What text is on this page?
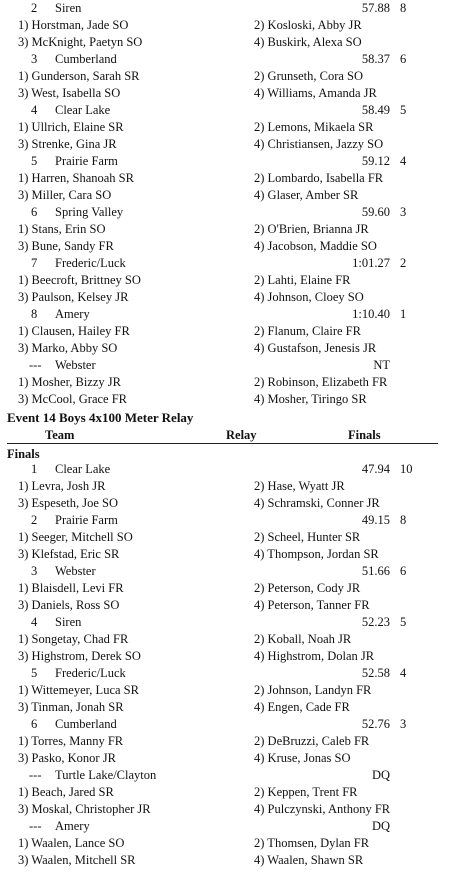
2	Siren	57.88 8
1) Horstman, Jade SO	2) Kosloski, Abby JR
3) McKnight, Paetyn SO	4) Buskirk, Alexa SO
3	Cumberland	58.37 6
1) Gunderson, Sarah SR	2) Grunseth, Cora SO
3) West, Isabella SO	4) Williams, Amanda JR
4	Clear Lake	58.49 5
1) Ullrich, Elaine SR	2) Lemons, Mikaela SR
3) Strenke, Gina JR	4) Christiansen, Jazzy SO
5	Prairie Farm	59.12 4
1) Harren, Shanoah SR	2) Lombardo, Isabella FR
3) Miller, Cara SO	4) Glaser, Amber SR
6	Spring Valley	59.60 3
1) Stans, Erin SO	2) O'Brien, Brianna JR
3) Bune, Sandy FR	4) Jacobson, Maddie SO
7	Frederic/Luck	1:01.27 2
1) Beecroft, Brittney SO	2) Lahti, Elaine FR
3) Paulson, Kelsey JR	4) Johnson, Cloey SO
8	Amery	1:10.40 1
1) Clausen, Hailey FR	2) Flanum, Claire FR
3) Marko, Abby SO	4) Gustafson, Jenesis JR
--- Webster	NT
1) Mosher, Bizzy JR	2) Robinson, Elizabeth FR
3) McCool, Grace FR	4) Mosher, Tiringo SR
Event 14 Boys 4x100 Meter Relay
Team	Relay	Finals
Finals
1	Clear Lake	47.94 10
1) Levra, Josh JR	2) Hase, Wyatt JR
3) Espeseth, Joe SO	4) Schramski, Conner JR
2	Prairie Farm	49.15 8
1) Seeger, Mitchell SO	2) Scheel, Hunter SR
3) Klefstad, Eric SR	4) Thompson, Jordan SR
3	Webster	51.66 6
1) Blaisdell, Levi FR	2) Peterson, Cody JR
3) Daniels, Ross SO	4) Peterson, Tanner FR
4	Siren	52.23 5
1) Songetay, Chad FR	2) Koball, Noah JR
3) Highstrom, Derek SO	4) Highstrom, Dolan JR
5	Frederic/Luck	52.58 4
1) Wittemeyer, Luca SR	2) Johnson, Landyn FR
3) Tinman, Jonah SR	4) Engen, Cade FR
6	Cumberland	52.76 3
1) Torres, Manny FR	2) DeBruzzi, Caleb FR
3) Pasko, Konor JR	4) Kruse, Jonas SO
--- Turtle Lake/Clayton	DQ
1) Beach, Jared SR	2) Keppen, Trent FR
3) Moskal, Christopher JR	4) Pulczynski, Anthony FR
--- Amery	DQ
1) Waalen, Lance SO	2) Thomsen, Dylan FR
3) Waalen, Mitchell SR	4) Waalen, Shawn SR
